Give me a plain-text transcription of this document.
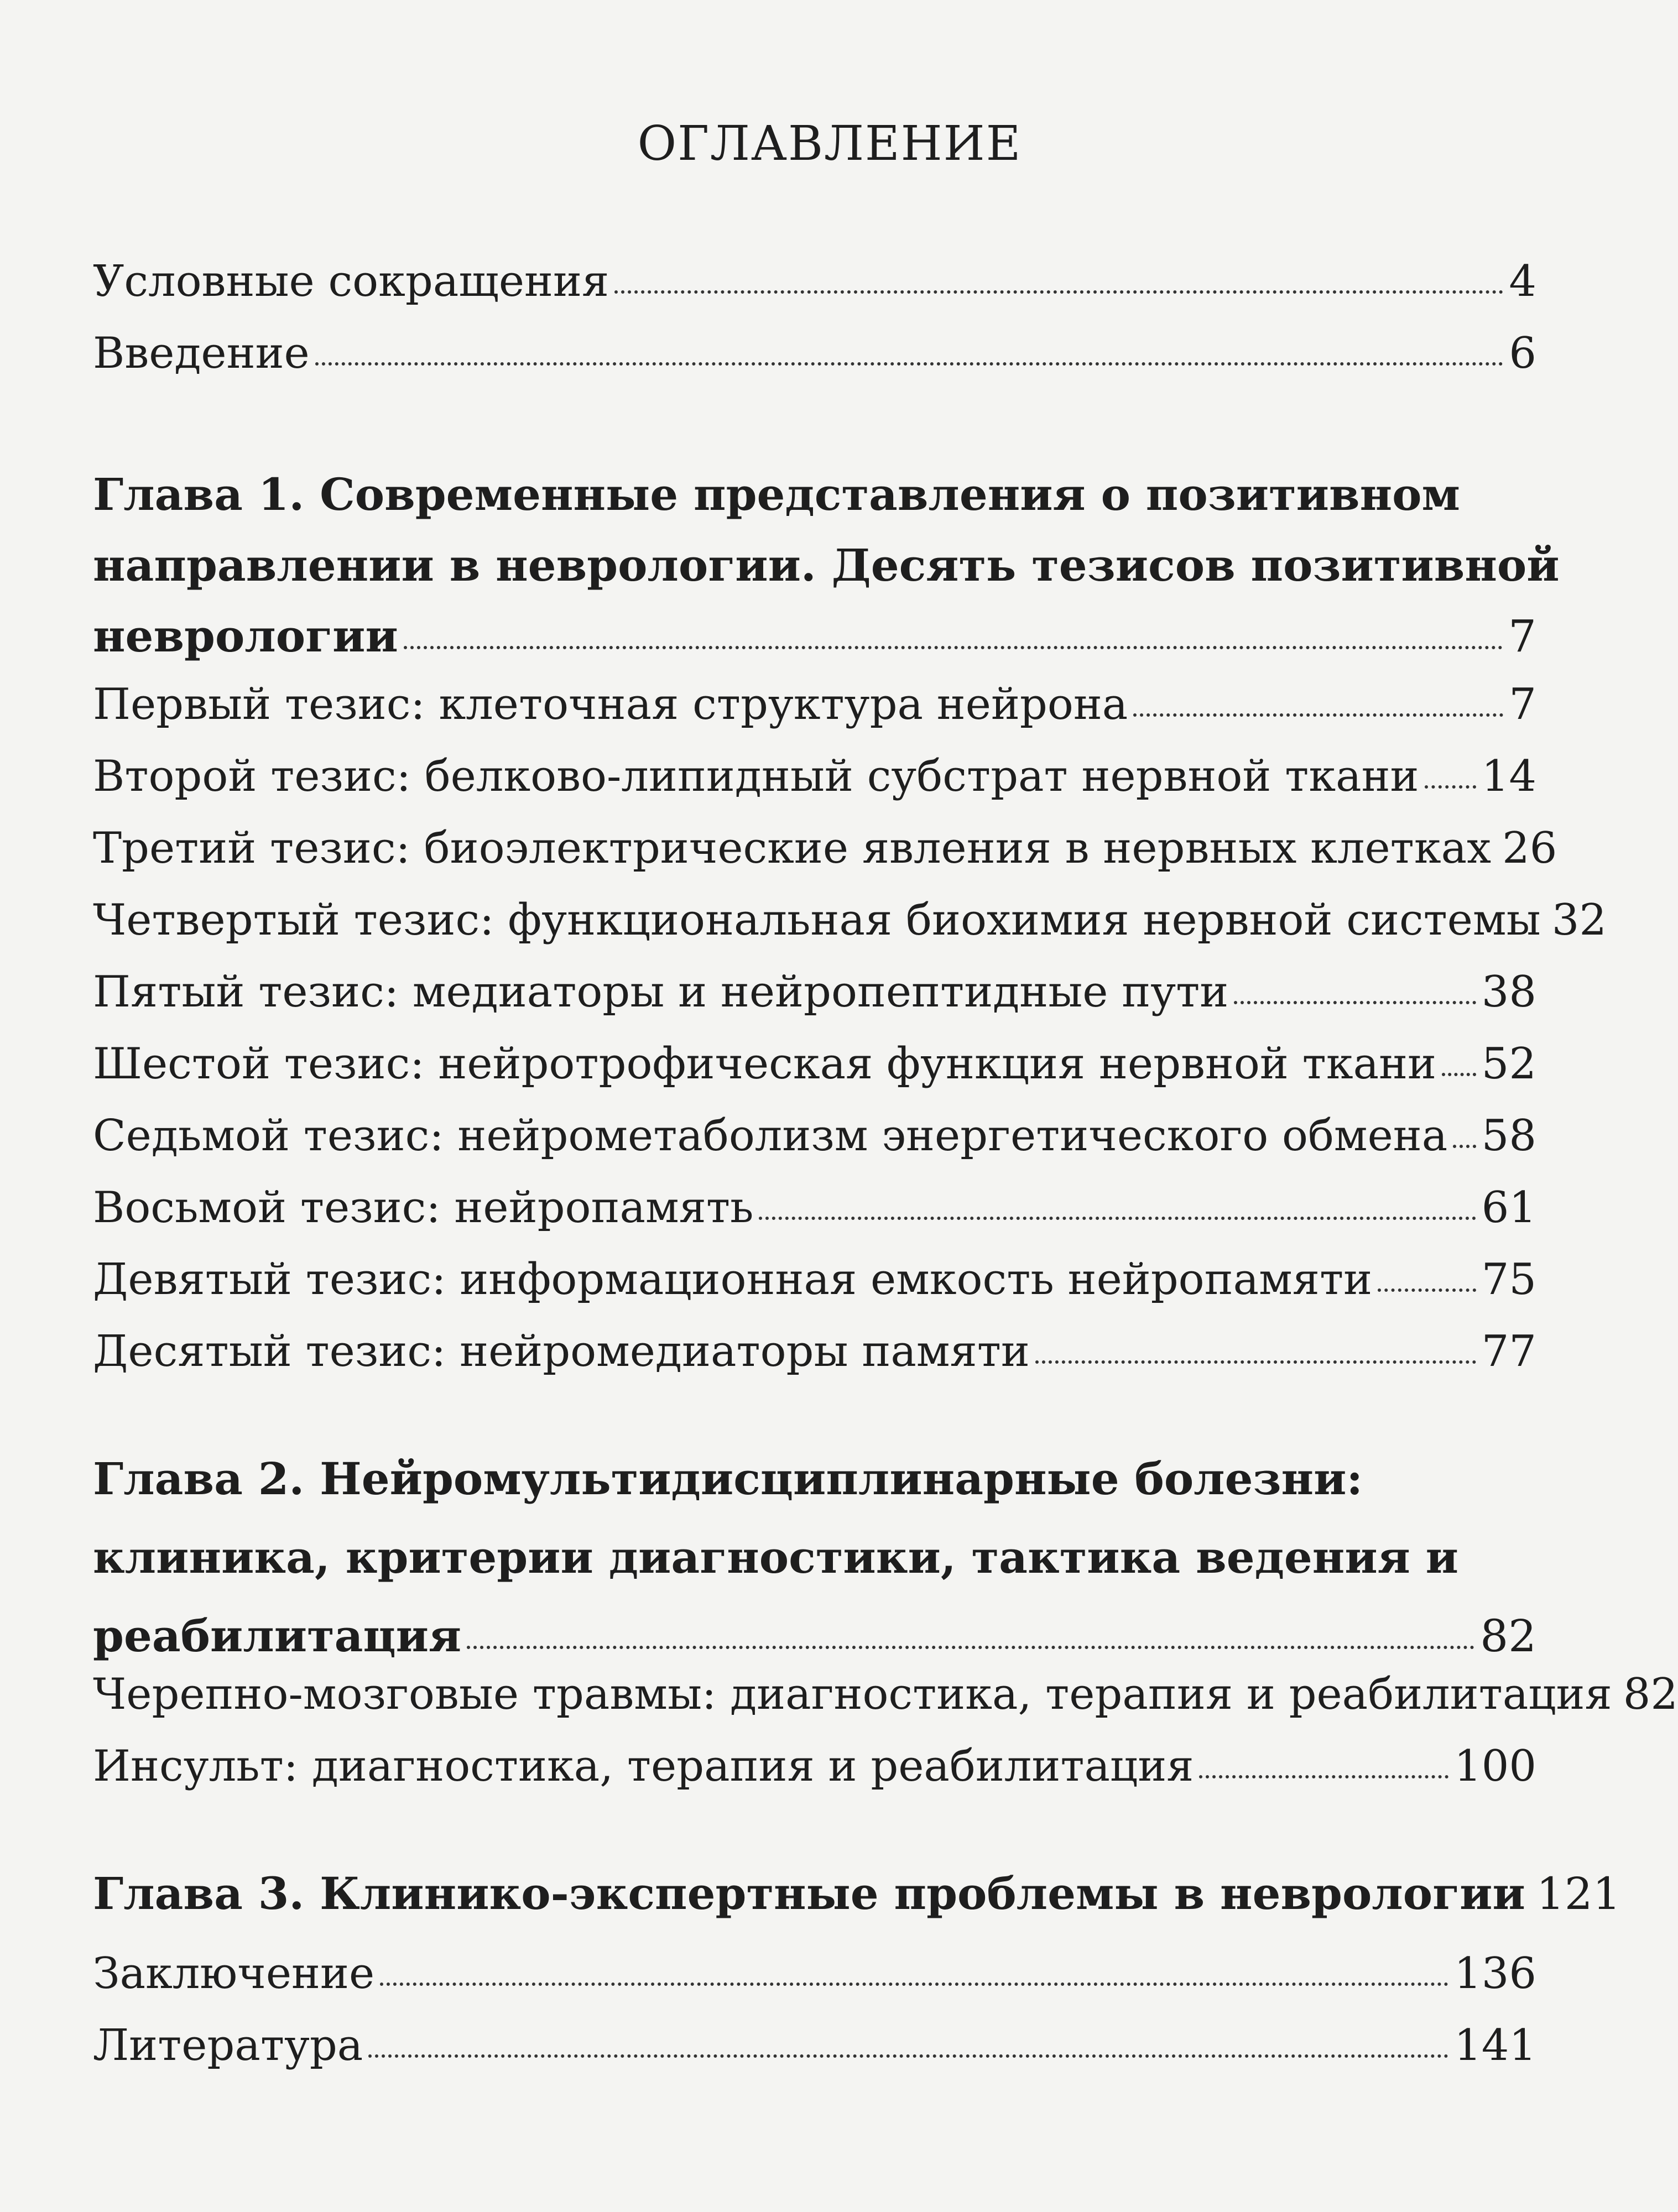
ОГЛАВЛЕНИЕ
Условные сокращения	4
Введение	6
Глава 1. Современные представления о позитивном
направлении в неврологии. Десять тезисов позитивной
неврологии	7
Первый тезис: клеточная структура нейрона	7
Второй тезис: белково-липидный субстрат нервной ткани 14
Третий тезис: биоэлектрические явления в нервных клетках 26
Четвертый тезис: функциональная биохимия нервной системы 32
Пятый тезис: медиаторы и нейропептидные пути	38
Шестой тезис: нейротрофическая функция нервной ткани 52
Седьмой тезис: нейрометаболизм энергетического обмена 58
Восьмой тезис: нейропамять	61
Девятый тезис: информационная емкость нейропамяти	75
Десятый тезис: нейромедиаторы памяти	77
Глава 2. Нейромультидисциплинарные болезни:
клиника, критерии диагностики, тактика ведения и
реабилитация	82
Черепно-мозговые травмы: диагностика, терапия и реабилитация 82
Инсульт: диагностика, терапия и реабилитация	100
Глава 3. Клинико-экспертные проблемы в неврологии 121
Заключение	136
Литература	141
